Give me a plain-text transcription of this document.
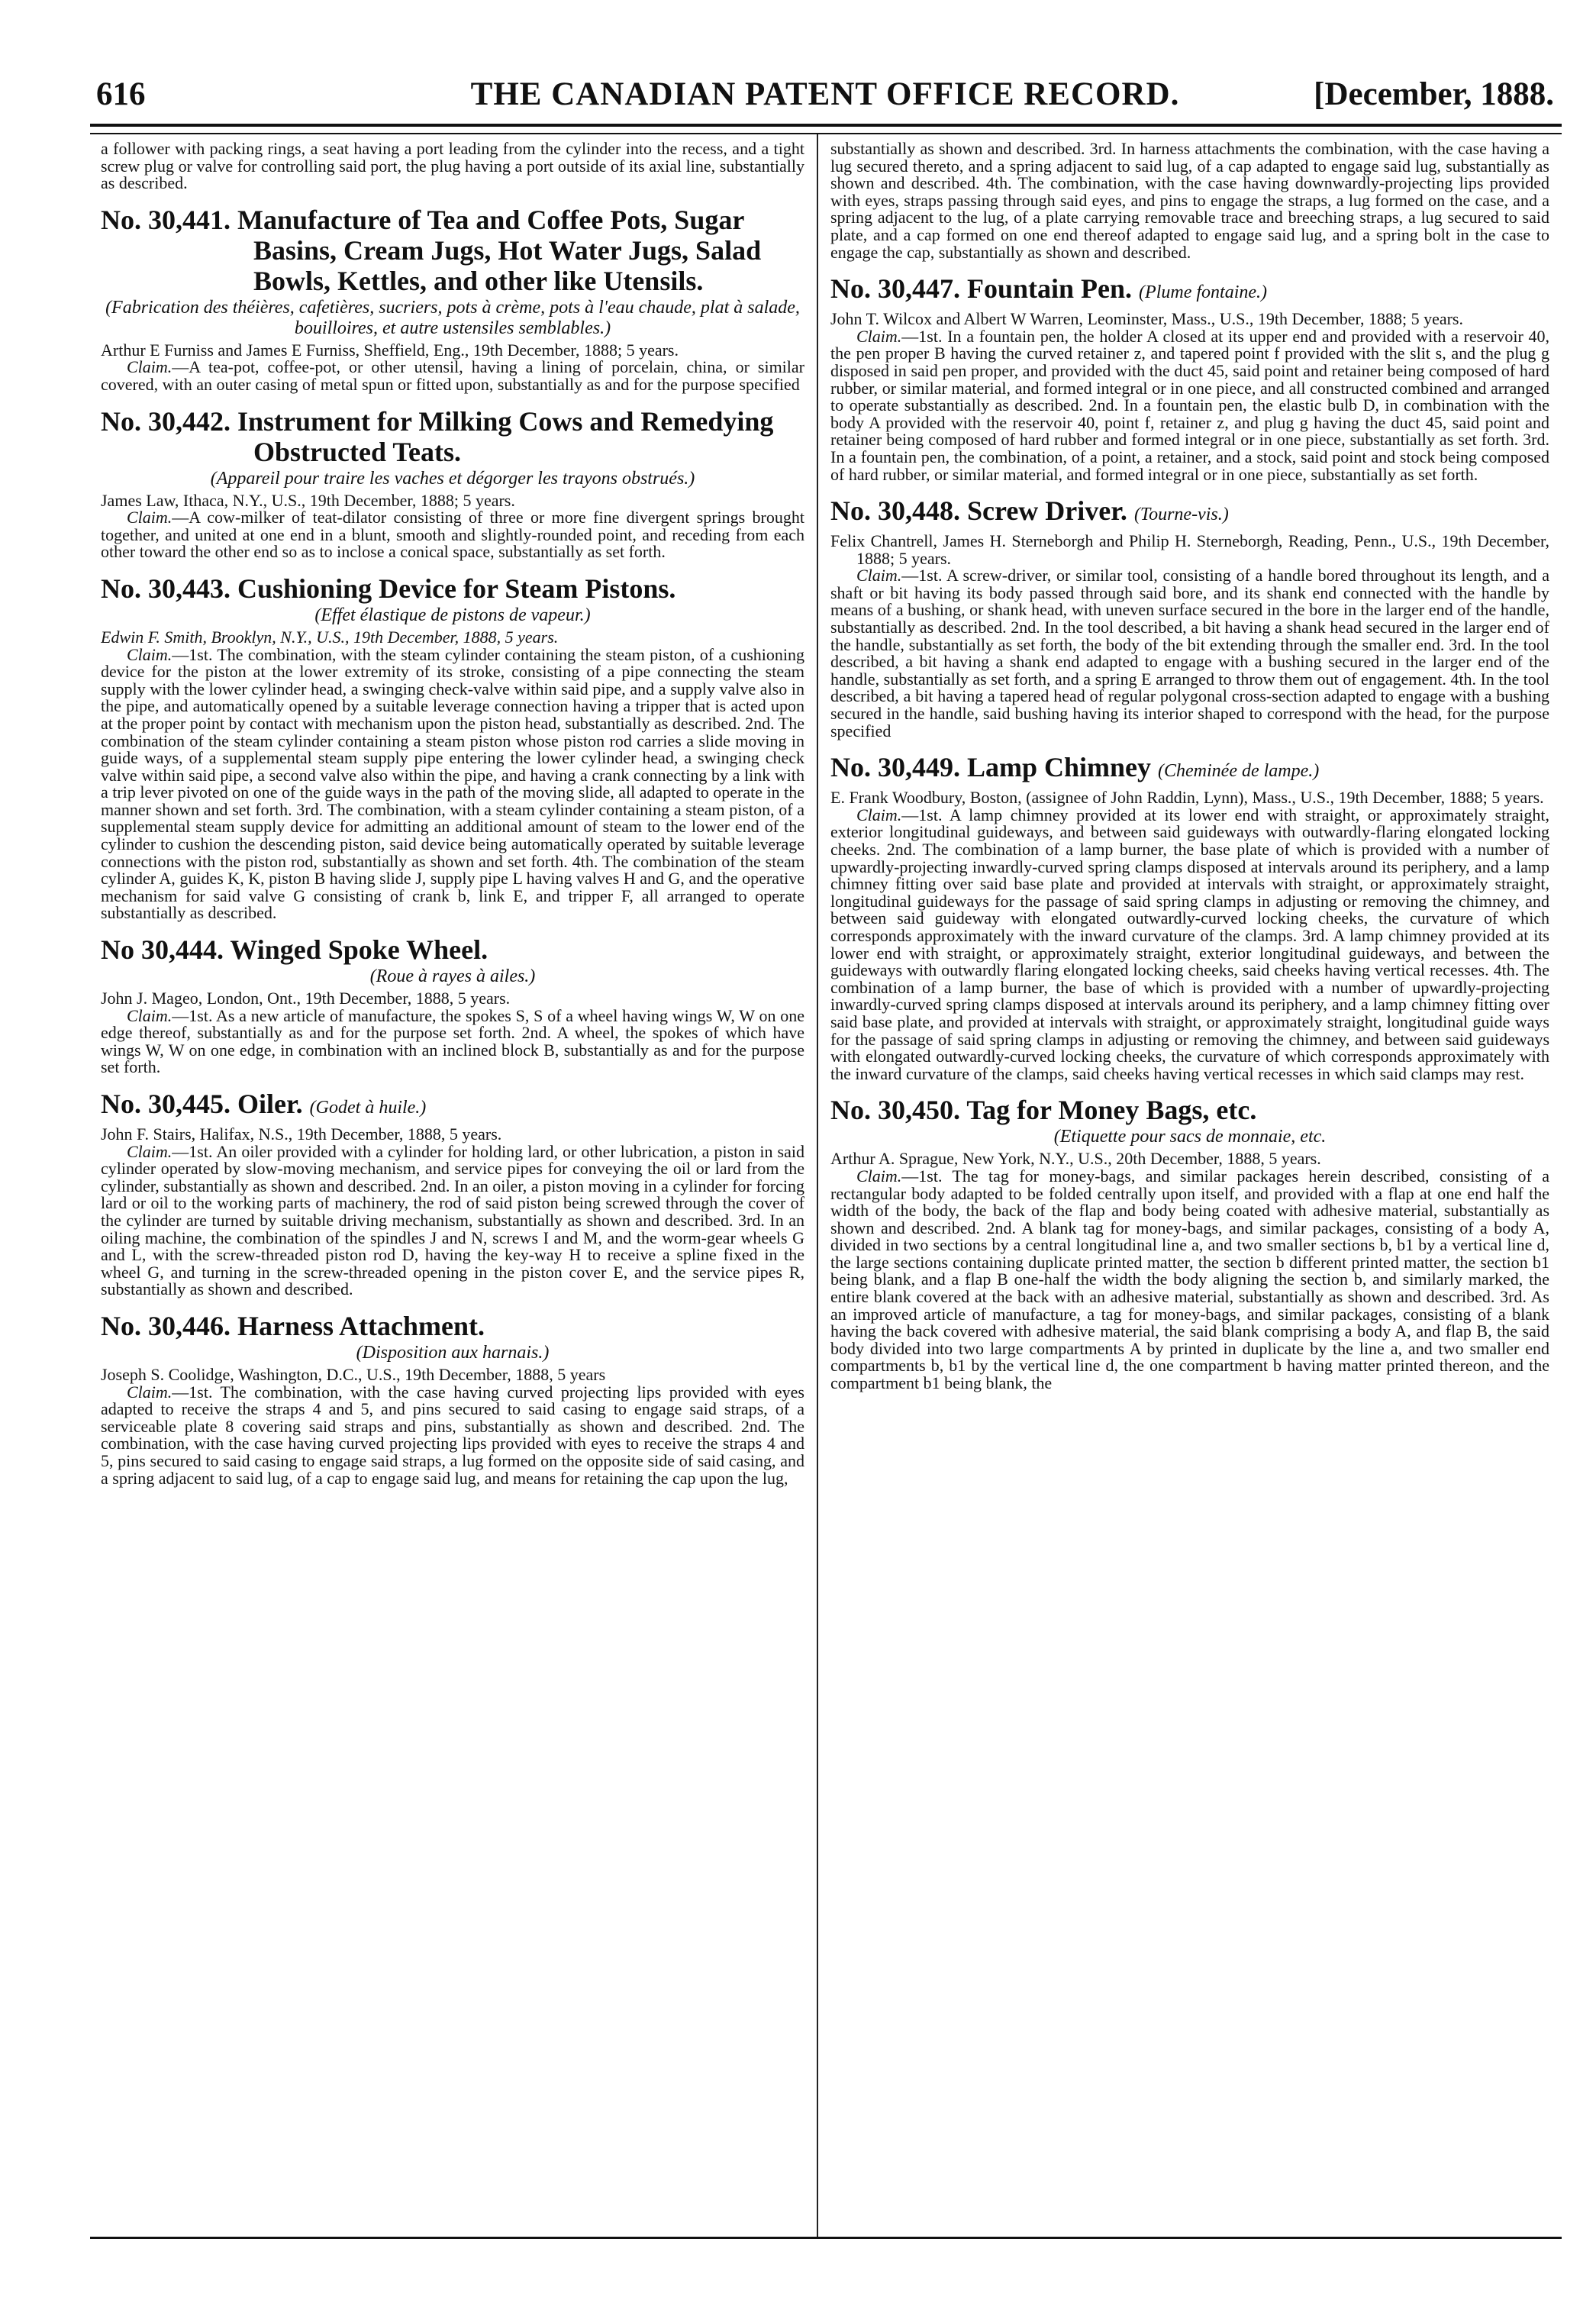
616	THE CANADIAN PATENT OFFICE RECORD.	[December, 1888.

a follower with packing rings, a seat having a port leading from the cylinder into the recess, and a tight screw plug or valve for controlling said port, the plug having a port outside of its axial line, substantially as described.

No. 30,441. Manufacture of Tea and Coffee Pots, Sugar Basins, Cream Jugs, Hot Water Jugs, Salad Bowls, Kettles, and other like Utensils.
(Fabrication des théières, cafetières, sucriers, pots à crème, pots à l'eau chaude, plat à salade, bouilloires, et autre ustensiles semblables.)

Arthur E Furniss and James E Furniss, Sheffield, Eng., 19th December, 1888; 5 years.

Claim.—A tea-pot, coffee-pot, or other utensil, having a lining of porcelain, china, or similar covered, with an outer casing of metal spun or fitted upon, substantially as and for the purpose specified

No. 30,442. Instrument for Milking Cows and Remedying Obstructed Teats.
(Appareil pour traire les vaches et dégorger les trayons obstrués.)

James Law, Ithaca, N.Y., U.S., 19th December, 1888; 5 years.

Claim.—A cow-milker of teat-dilator consisting of three or more fine divergent springs brought together, and united at one end in a blunt, smooth and slightly-rounded point, and receding from each other toward the other end so as to inclose a conical space, substantially as set forth.

No. 30,443. Cushioning Device for Steam Pistons.
(Effet élastique de pistons de vapeur.)

Edwin F. Smith, Brooklyn, N.Y., U.S., 19th December, 1888, 5 years.

Claim.—1st. The combination, with the steam cylinder containing the steam piston, of a cushioning device for the piston at the lower extremity of its stroke, consisting of a pipe connecting the steam supply with the lower cylinder head, a swinging check-valve within said pipe, and a supply valve also in the pipe, and automatically opened by a suitable leverage connection having a tripper that is acted upon at the proper point by contact with mechanism upon the piston head, substantially as described. 2nd. The combination of the steam cylinder containing a steam piston whose piston rod carries a slide moving in guide ways, of a supplemental steam supply pipe entering the lower cylinder head, a swinging check valve within said pipe, a second valve also within the pipe, and having a crank connecting by a link with a trip lever pivoted on one of the guide ways in the path of the moving slide, all adapted to operate in the manner shown and set forth. 3rd. The combination, with a steam cylinder containing a steam piston, of a supplemental steam supply device for admitting an additional amount of steam to the lower end of the cylinder to cushion the descending piston, said device being automatically operated by suitable leverage connections with the piston rod, substantially as shown and set forth. 4th. The combination of the steam cylinder A, guides K, K, piston B having slide J, supply pipe L having valves H and G, and the operative mechanism for said valve G consisting of crank b, link E, and tripper F, all arranged to operate substantially as described.

No 30,444. Winged Spoke Wheel.
(Roue à rayes à ailes.)

John J. Mageo, London, Ont., 19th December, 1888, 5 years.

Claim.—1st. As a new article of manufacture, the spokes S, S of a wheel having wings W, W on one edge thereof, substantially as and for the purpose set forth. 2nd. A wheel, the spokes of which have wings W, W on one edge, in combination with an inclined block B, substantially as and for the purpose set forth.

No. 30,445. Oiler. (Godet à huile.)

John F. Stairs, Halifax, N.S., 19th December, 1888, 5 years.

Claim.—1st. An oiler provided with a cylinder for holding lard, or other lubrication, a piston in said cylinder operated by slow-moving mechanism, and service pipes for conveying the oil or lard from the cylinder, substantially as shown and described. 2nd. In an oiler, a piston moving in a cylinder for forcing lard or oil to the working parts of machinery, the rod of said piston being screwed through the cover of the cylinder are turned by suitable driving mechanism, substantially as shown and described. 3rd. In an oiling machine, the combination of the spindles J and N, screws I and M, and the worm-gear wheels G and L, with the screw-threaded piston rod D, having the key-way H to receive a spline fixed in the wheel G, and turning in the screw-threaded opening in the piston cover E, and the service pipes R, substantially as shown and described.

No. 30,446. Harness Attachment.
(Disposition aux harnais.)

Joseph S. Coolidge, Washington, D.C., U.S., 19th December, 1888, 5 years

Claim.—1st. The combination, with the case having curved projecting lips provided with eyes adapted to receive the straps 4 and 5, and pins secured to said casing to engage said straps, of a serviceable plate 8 covering said straps and pins, substantially as shown and described. 2nd. The combination, with the case having curved projecting lips provided with eyes to receive the straps 4 and 5, pins secured to said casing to engage said straps, a lug formed on the opposite side of said casing, and a spring adjacent to said lug, of a cap to engage said lug, and means for retaining the cap upon the lug,

substantially as shown and described. 3rd. In harness attachments the combination, with the case having a lug secured thereto, and a spring adjacent to said lug, of a cap adapted to engage said lug, substantially as shown and described. 4th. The combination, with the case having downwardly-projecting lips provided with eyes, straps passing through said eyes, and pins to engage the straps, a lug formed on the case, and a spring adjacent to the lug, of a plate carrying removable trace and breeching straps, a lug secured to said plate, and a cap formed on one end thereof adapted to engage said lug, and a spring bolt in the case to engage the cap, substantially as shown and described.

No. 30,447. Fountain Pen. (Plume fontaine.)

John T. Wilcox and Albert W Warren, Leominster, Mass., U.S., 19th December, 1888; 5 years.

Claim.—1st. In a fountain pen, the holder A closed at its upper end and provided with a reservoir 40, the pen proper B having the curved retainer z, and tapered point f provided with the slit s, and the plug g disposed in said pen proper, and provided with the duct 45, said point and retainer being composed of hard rubber, or similar material, and formed integral or in one piece, and all constructed combined and arranged to operate substantially as described. 2nd. In a fountain pen, the elastic bulb D, in combination with the body A provided with the reservoir 40, point f, retainer z, and plug g having the duct 45, said point and retainer being composed of hard rubber and formed integral or in one piece, substantially as set forth. 3rd. In a fountain pen, the combination, of a point, a retainer, and a stock, said point and stock being composed of hard rubber, or similar material, and formed integral or in one piece, substantially as set forth.

No. 30,448. Screw Driver. (Tourne-vis.)

Felix Chantrell, James H. Sterneborgh and Philip H. Sterneborgh, Reading, Penn., U.S., 19th December, 1888; 5 years.

Claim.—1st. A screw-driver, or similar tool, consisting of a handle bored throughout its length, and a shaft or bit having its body passed through said bore, and its shank end connected with the handle by means of a bushing, or shank head, with uneven surface secured in the bore in the larger end of the handle, substantially as described. 2nd. In the tool described, a bit having a shank head secured in the larger end of the handle, substantially as set forth, the body of the bit extending through the smaller end. 3rd. In the tool described, a bit having a shank end adapted to engage with a bushing secured in the larger end of the handle, substantially as set forth, and a spring E arranged to throw them out of engagement. 4th. In the tool described, a bit having a tapered head of regular polygonal cross-section adapted to engage with a bushing secured in the handle, said bushing having its interior shaped to correspond with the head, for the purpose specified

No. 30,449. Lamp Chimney (Cheminée de lampe.)

E. Frank Woodbury, Boston, (assignee of John Raddin, Lynn), Mass., U.S., 19th December, 1888; 5 years.

Claim.—1st. A lamp chimney provided at its lower end with straight, or approximately straight, exterior longitudinal guideways, and between said guideways with outwardly-flaring elongated locking cheeks. 2nd. The combination of a lamp burner, the base plate of which is provided with a number of upwardly-projecting inwardly-curved spring clamps disposed at intervals around its periphery, and a lamp chimney fitting over said base plate and provided at intervals with straight, or approximately straight, longitudinal guideways for the passage of said spring clamps in adjusting or removing the chimney, and between said guideway with elongated outwardly-curved locking cheeks, the curvature of which corresponds approximately with the inward curvature of the clamps. 3rd. A lamp chimney provided at its lower end with straight, or approximately straight, exterior longitudinal guideways, and between the guideways with outwardly flaring elongated locking cheeks, said cheeks having vertical recesses. 4th. The combination of a lamp burner, the base of which is provided with a number of upwardly-projecting inwardly-curved spring clamps disposed at intervals around its periphery, and a lamp chimney fitting over said base plate, and provided at intervals with straight, or approximately straight, longitudinal guide ways for the passage of said spring clamps in adjusting or removing the chimney, and between said guideways with elongated outwardly-curved locking cheeks, the curvature of which corresponds approximately with the inward curvature of the clamps, said cheeks having vertical recesses in which said clamps may rest.

No. 30,450. Tag for Money Bags, etc.
(Etiquette pour sacs de monnaie, etc.

Arthur A. Sprague, New York, N.Y., U.S., 20th December, 1888, 5 years.

Claim.—1st. The tag for money-bags, and similar packages herein described, consisting of a rectangular body adapted to be folded centrally upon itself, and provided with a flap at one end half the width of the body, the back of the flap and body being coated with adhesive material, substantially as shown and described. 2nd. A blank tag for money-bags, and similar packages, consisting of a body A, divided in two sections by a central longitudinal line a, and two smaller sections b, b1 by a vertical line d, the large sections containing duplicate printed matter, the section b different printed matter, the section b1 being blank, and a flap B one-half the width the body aligning the section b, and similarly marked, the entire blank covered at the back with an adhesive material, substantially as shown and described. 3rd. As an improved article of manufacture, a tag for money-bags, and similar packages, consisting of a blank having the back covered with adhesive material, the said blank comprising a body A, and flap B, the said body divided into two large compartments A by printed in duplicate by the line a, and two smaller end compartments b, b1 by the vertical line d, the one compartment b having matter printed thereon, and the compartment b1 being blank, the
